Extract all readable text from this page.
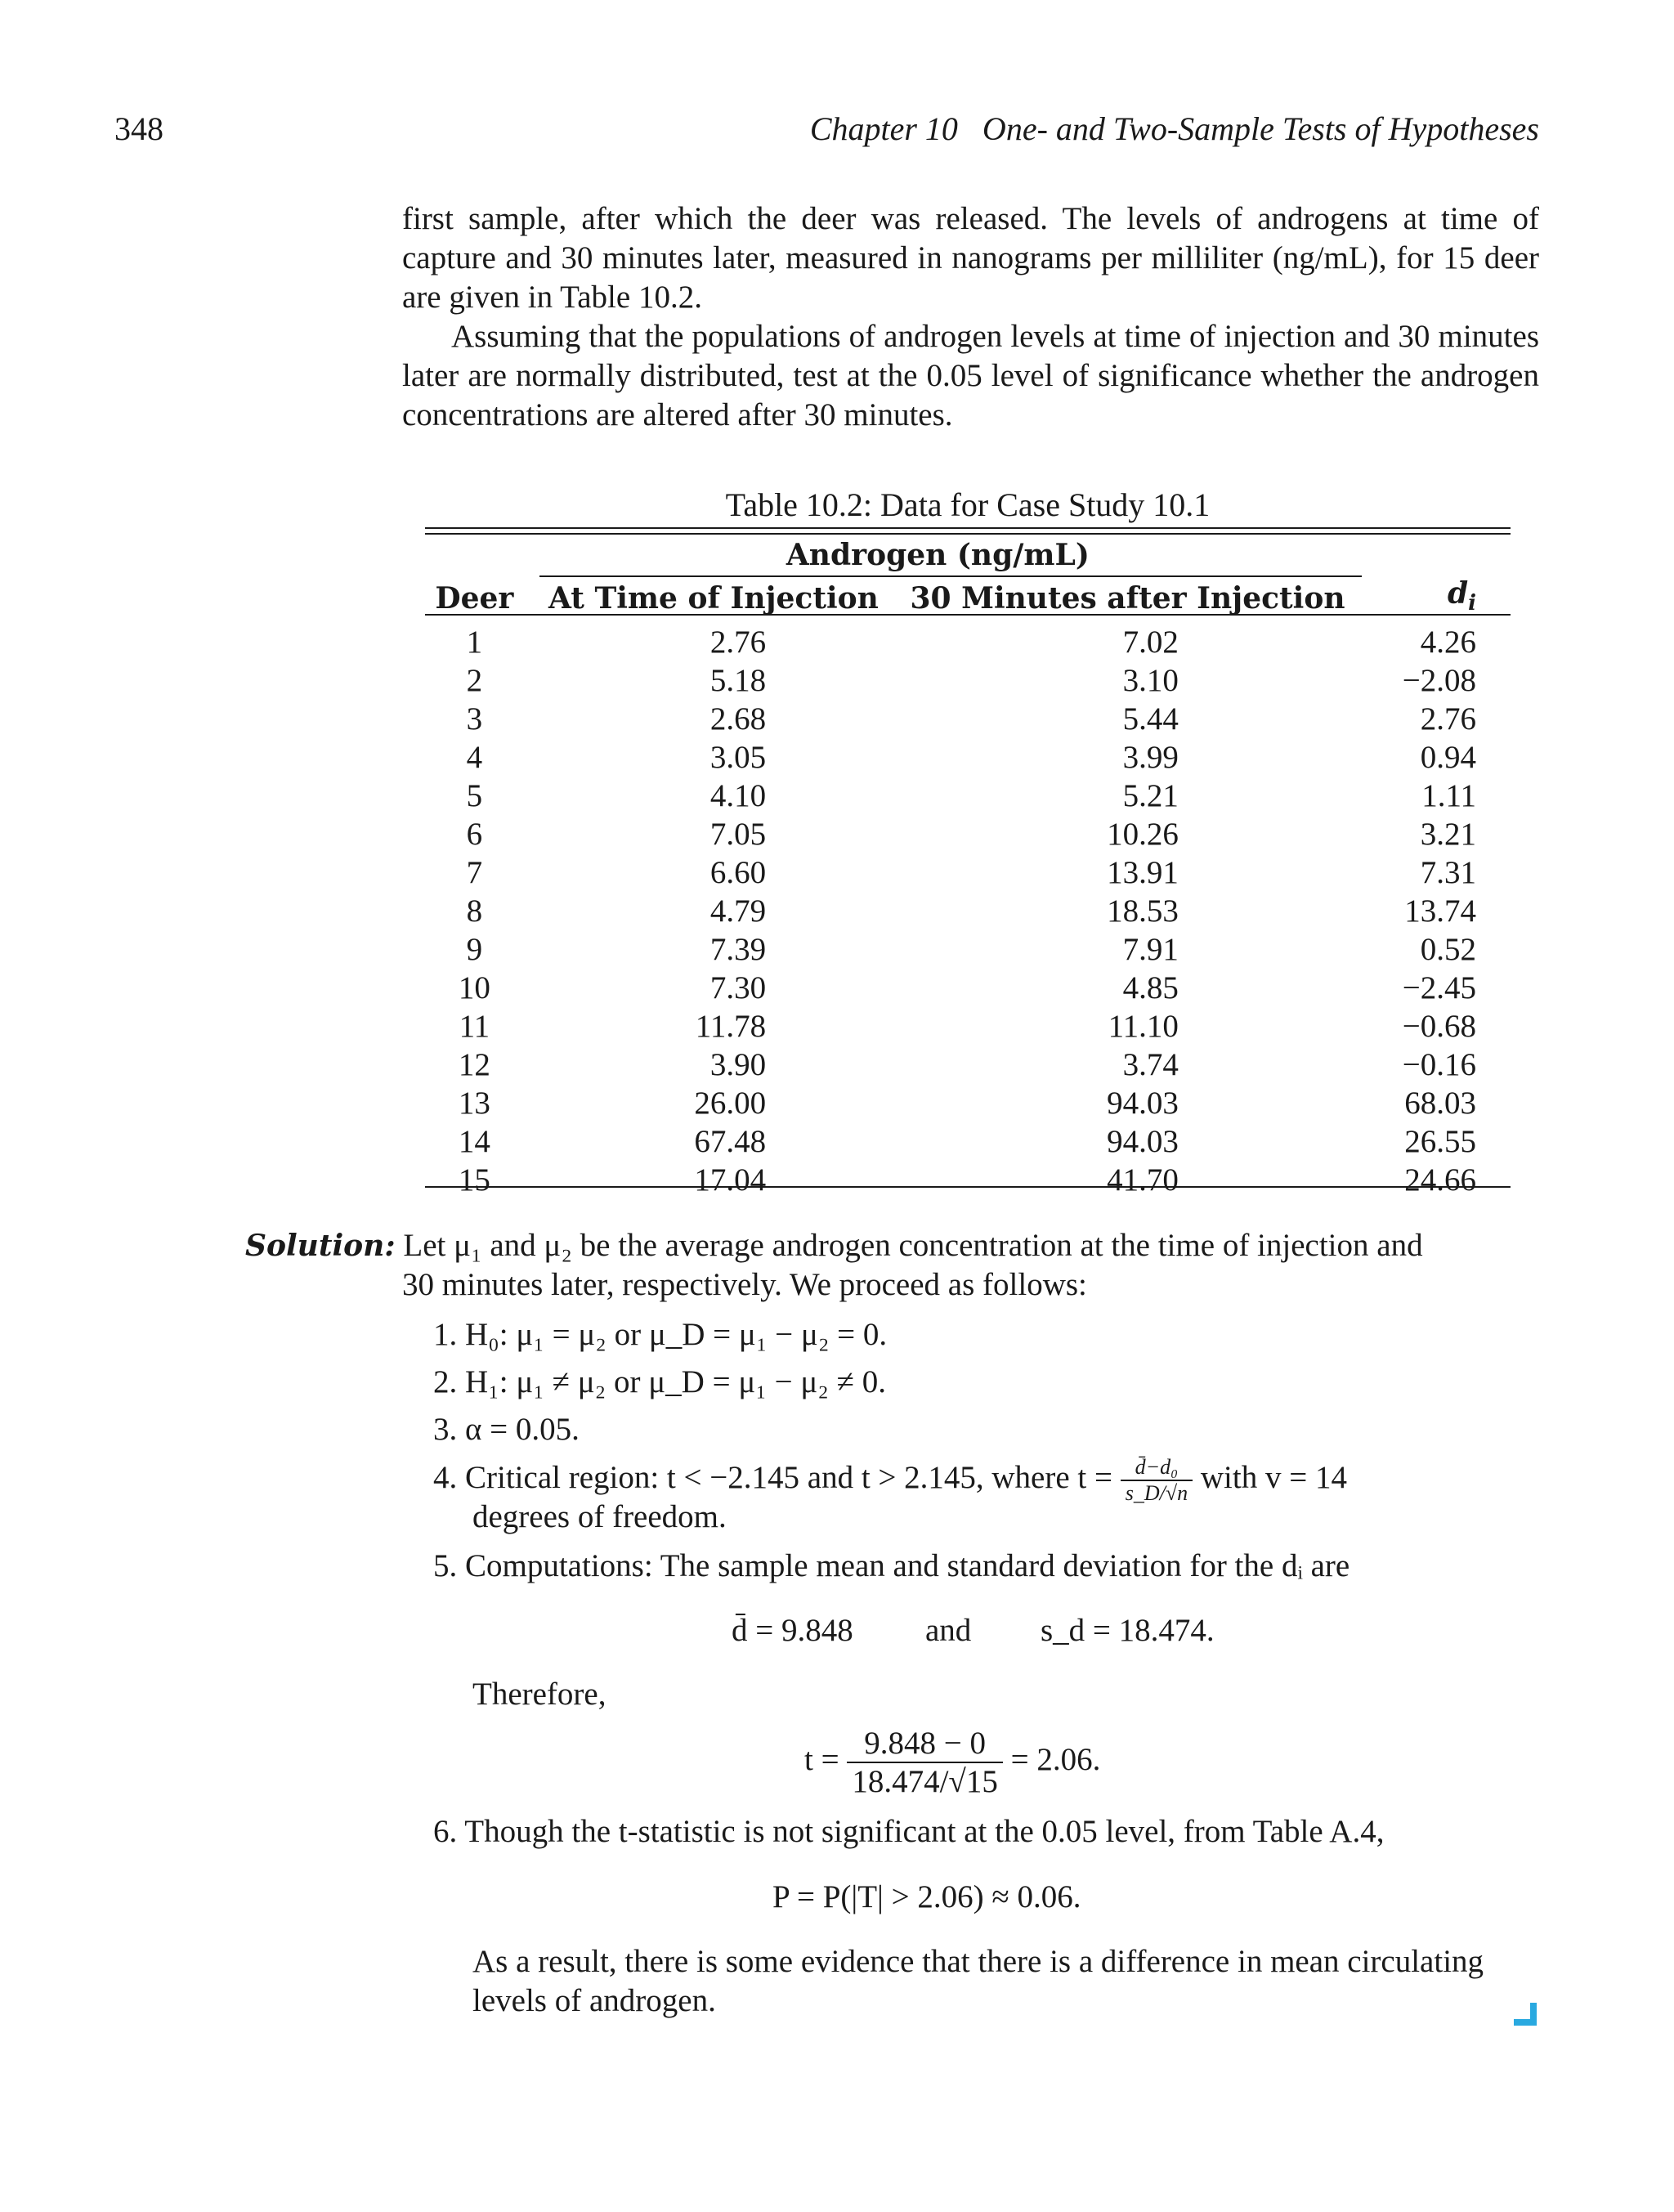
348	Chapter 10   One- and Two-Sample Tests of Hypotheses
first sample, after which the deer was released. The levels of androgens at time of capture and 30 minutes later, measured in nanograms per milliliter (ng/mL), for 15 deer are given in Table 10.2.
Assuming that the populations of androgen levels at time of injection and 30 minutes later are normally distributed, test at the 0.05 level of significance whether the androgen concentrations are altered after 30 minutes.
Table 10.2: Data for Case Study 10.1
	Androgen (ng/mL)		
Deer	At Time of Injection	30 Minutes after Injection	$d_i$
1	2.76	7.02	4.26
2	5.18	3.10	−2.08
3	2.68	5.44	2.76
4	3.05	3.99	0.94
5	4.10	5.21	1.11
6	7.05	10.26	3.21
7	6.60	13.91	7.31
8	4.79	18.53	13.74
9	7.39	7.91	0.52
10	7.30	4.85	−2.45
11	11.78	11.10	−0.68
12	3.90	3.74	−0.16
13	26.00	94.03	68.03
14	67.48	94.03	26.55
15	17.04	41.70	24.66
Solution: Let μ₁ and μ₂ be the average androgen concentration at the time of injection and
30 minutes later, respectively. We proceed as follows:
1. H₀: μ₁ = μ₂ or μ_D = μ₁ − μ₂ = 0.
2. H₁: μ₁ ≠ μ₂ or μ_D = μ₁ − μ₂ ≠ 0.
3. α = 0.05.
4. Critical region: t < −2.145 and t > 2.145, where $t = \frac{\text{d̄−d₀}}{s\_D/√n}$ with v = 14
degrees of freedom.
5. Computations: The sample mean and standard deviation for the dᵢ are
d̄ = 9.848 and s_d = 18.474.
Therefore,
$t = \frac{9.848 - 0}{18.474/√15} = 2.06$.
6. Though the t-statistic is not significant at the 0.05 level, from Table A.4,
P = P(|T| > 2.06) ≈ 0.06.
As a result, there is some evidence that there is a difference in mean circulating
levels of androgen.
